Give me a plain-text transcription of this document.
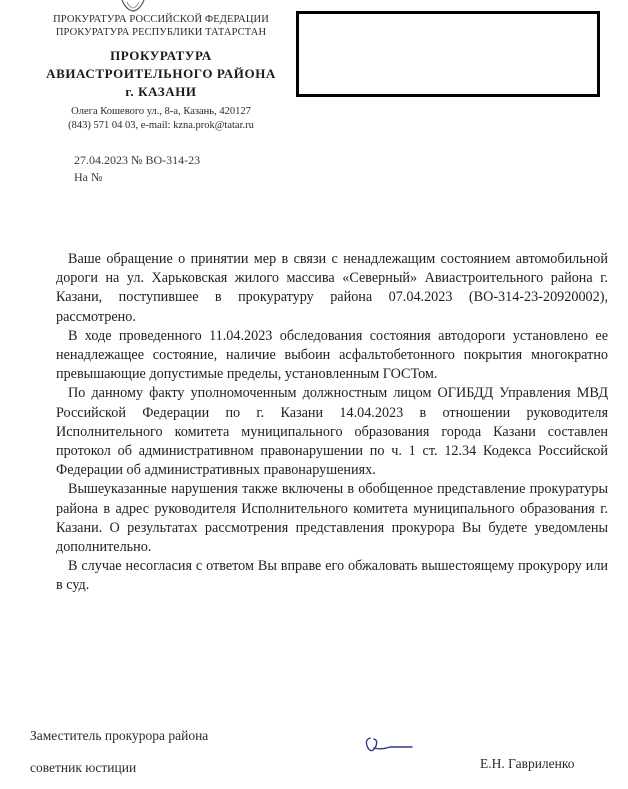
ПРОКУРАТУРА РОССИЙСКОЙ ФЕДЕРАЦИИ
ПРОКУРАТУРА РЕСПУБЛИКИ ТАТАРСТАН
ПРОКУРАТУРА
АВИАСТРОИТЕЛЬНОГО РАЙОНА
г. КАЗАНИ
Олега Кошевого ул., 8-а, Казань, 420127
(843) 571 04 03, e-mail: kzna.prok@tatar.ru
27.04.2023 № ВО-314-23
На №

Ваше обращение о принятии мер в связи с ненадлежащим состоянием автомобильной дороги на ул. Харьковская жилого массива «Северный» Авиастроительного района г. Казани, поступившее в прокуратуру района 07.04.2023 (ВО-314-23-20920002), рассмотрено.

В ходе проведенного 11.04.2023 обследования состояния автодороги установлено ее ненадлежащее состояние, наличие выбоин асфальтобетонного покрытия многократно превышающие допустимые пределы, установленным ГОСТом.

По данному факту уполномоченным должностным лицом ОГИБДД Управления МВД Российской Федерации по г. Казани 14.04.2023 в отношении руководителя Исполнительного комитета муниципального образования города Казани составлен протокол об административном правонарушении по ч. 1 ст. 12.34 Кодекса Российской Федерации об административных правонарушениях.

Вышеуказанные нарушения также включены в обобщенное представление прокуратуры района в адрес руководителя Исполнительного комитета муниципального образования г. Казани. О результатах рассмотрения представления прокурора Вы будете уведомлены дополнительно.

В случае несогласия с ответом Вы вправе его обжаловать вышестоящему прокурору или в суд.

Заместитель прокурора района
советник юстиции	Е.Н. Гавриленко
